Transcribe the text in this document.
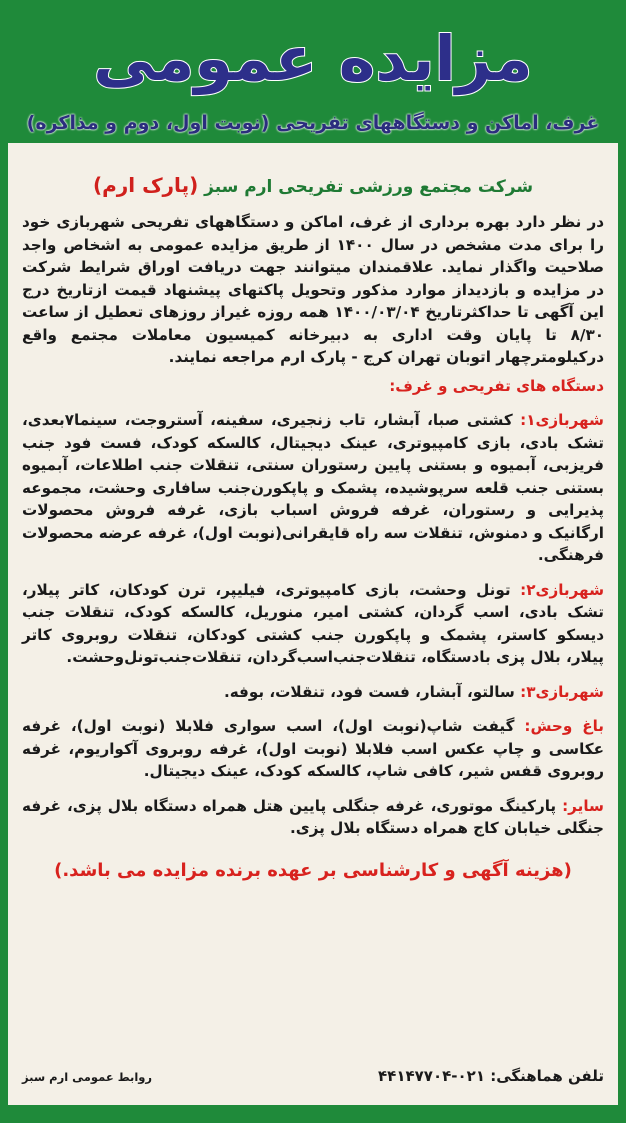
مزایده عمومی
غرف، اماکن و دستگاههای تفریحی (نوبت اول، دوم و مذاکره)
شرکت مجتمع ورزشی تفریحی ارم سبز (پارک ارم)
در نظر دارد بهره برداری از غرف، اماکن و دستگاههای تفریحی شهربازی خود را برای مدت مشخص در سال ۱۴۰۰ از طریق مزایده عمومی به اشخاص واجد صلاحیت واگذار نماید. علاقمندان میتوانند جهت دریافت اوراق شرایط شرکت در مزایده و بازدیداز موارد مذکور وتحویل پاکتهای پیشنهاد قیمت ازتاریخ درج این آگهی تا حداکثرتاریخ ۱۴۰۰/۰۳/۰۴ همه روزه غیراز روزهای تعطیل از ساعت ۸/۳۰ تا پایان وقت اداری به دبیرخانه کمیسیون معاملات مجتمع واقع درکیلومترچهار اتوبان تهران کرج - پارک ارم مراجعه نمایند.
دستگاه های تفریحی و غرف:
شهربازی۱: کشتی صبا، آبشار، تاب زنجیری، سفینه، آستروجت، سینما۷بعدی، تشک بادی، بازی کامپیوتری، عینک دیجیتال، کالسکه کودک، فست فود جنب فریزبی، آبمیوه و بستنی پایین رستوران سنتی، تنقلات جنب اطلاعات، آبمیوه بستنی جنب قلعه سرپوشیده، پشمک و پاپکورن‌جنب سافاری وحشت، مجموعه پذیرایی و رستوران، غرفه فروش اسباب بازی، غرفه فروش محصولات ارگانیک و دمنوش، تنقلات سه راه قایقرانی(نوبت اول)، غرفه عرضه محصولات فرهنگی.
شهربازی۲: تونل وحشت، بازی کامپیوتری، فیلیپر، ترن کودکان، کاتر پیلار، تشک بادی، اسب گردان، کشتی امیر، منوریل، کالسکه کودک، تنقلات جنب دیسکو کاستر، پشمک و پاپکورن جنب کشتی کودکان، تنقلات روبروی کاتر پیلار، بلال پزی بادستگاه، تنقلات‌جنب‌اسب‌گردان، تنقلات‌جنب‌تونل‌وحشت.
شهربازی۳: سالتو، آبشار، فست فود، تنقلات، بوفه.
باغ وحش: گیفت شاپ(نوبت اول)، اسب سواری فلابلا (نوبت اول)، غرفه عکاسی و چاپ عکس اسب فلابلا (نوبت اول)، غرفه روبروی آکواریوم، غرفه روبروی قفس شیر، کافی شاپ، کالسکه کودک، عینک دیجیتال.
سایر: پارکینگ موتوری، غرفه جنگلی پایین هتل همراه دستگاه بلال پزی، غرفه جنگلی خیابان کاج همراه دستگاه بلال پزی.
(هزینه آگهی و کارشناسی بر عهده برنده مزایده می باشد.)
تلفن هماهنگی: ۰۲۱-۴۴۱۴۷۷۰۴
روابط عمومی ارم سبز
